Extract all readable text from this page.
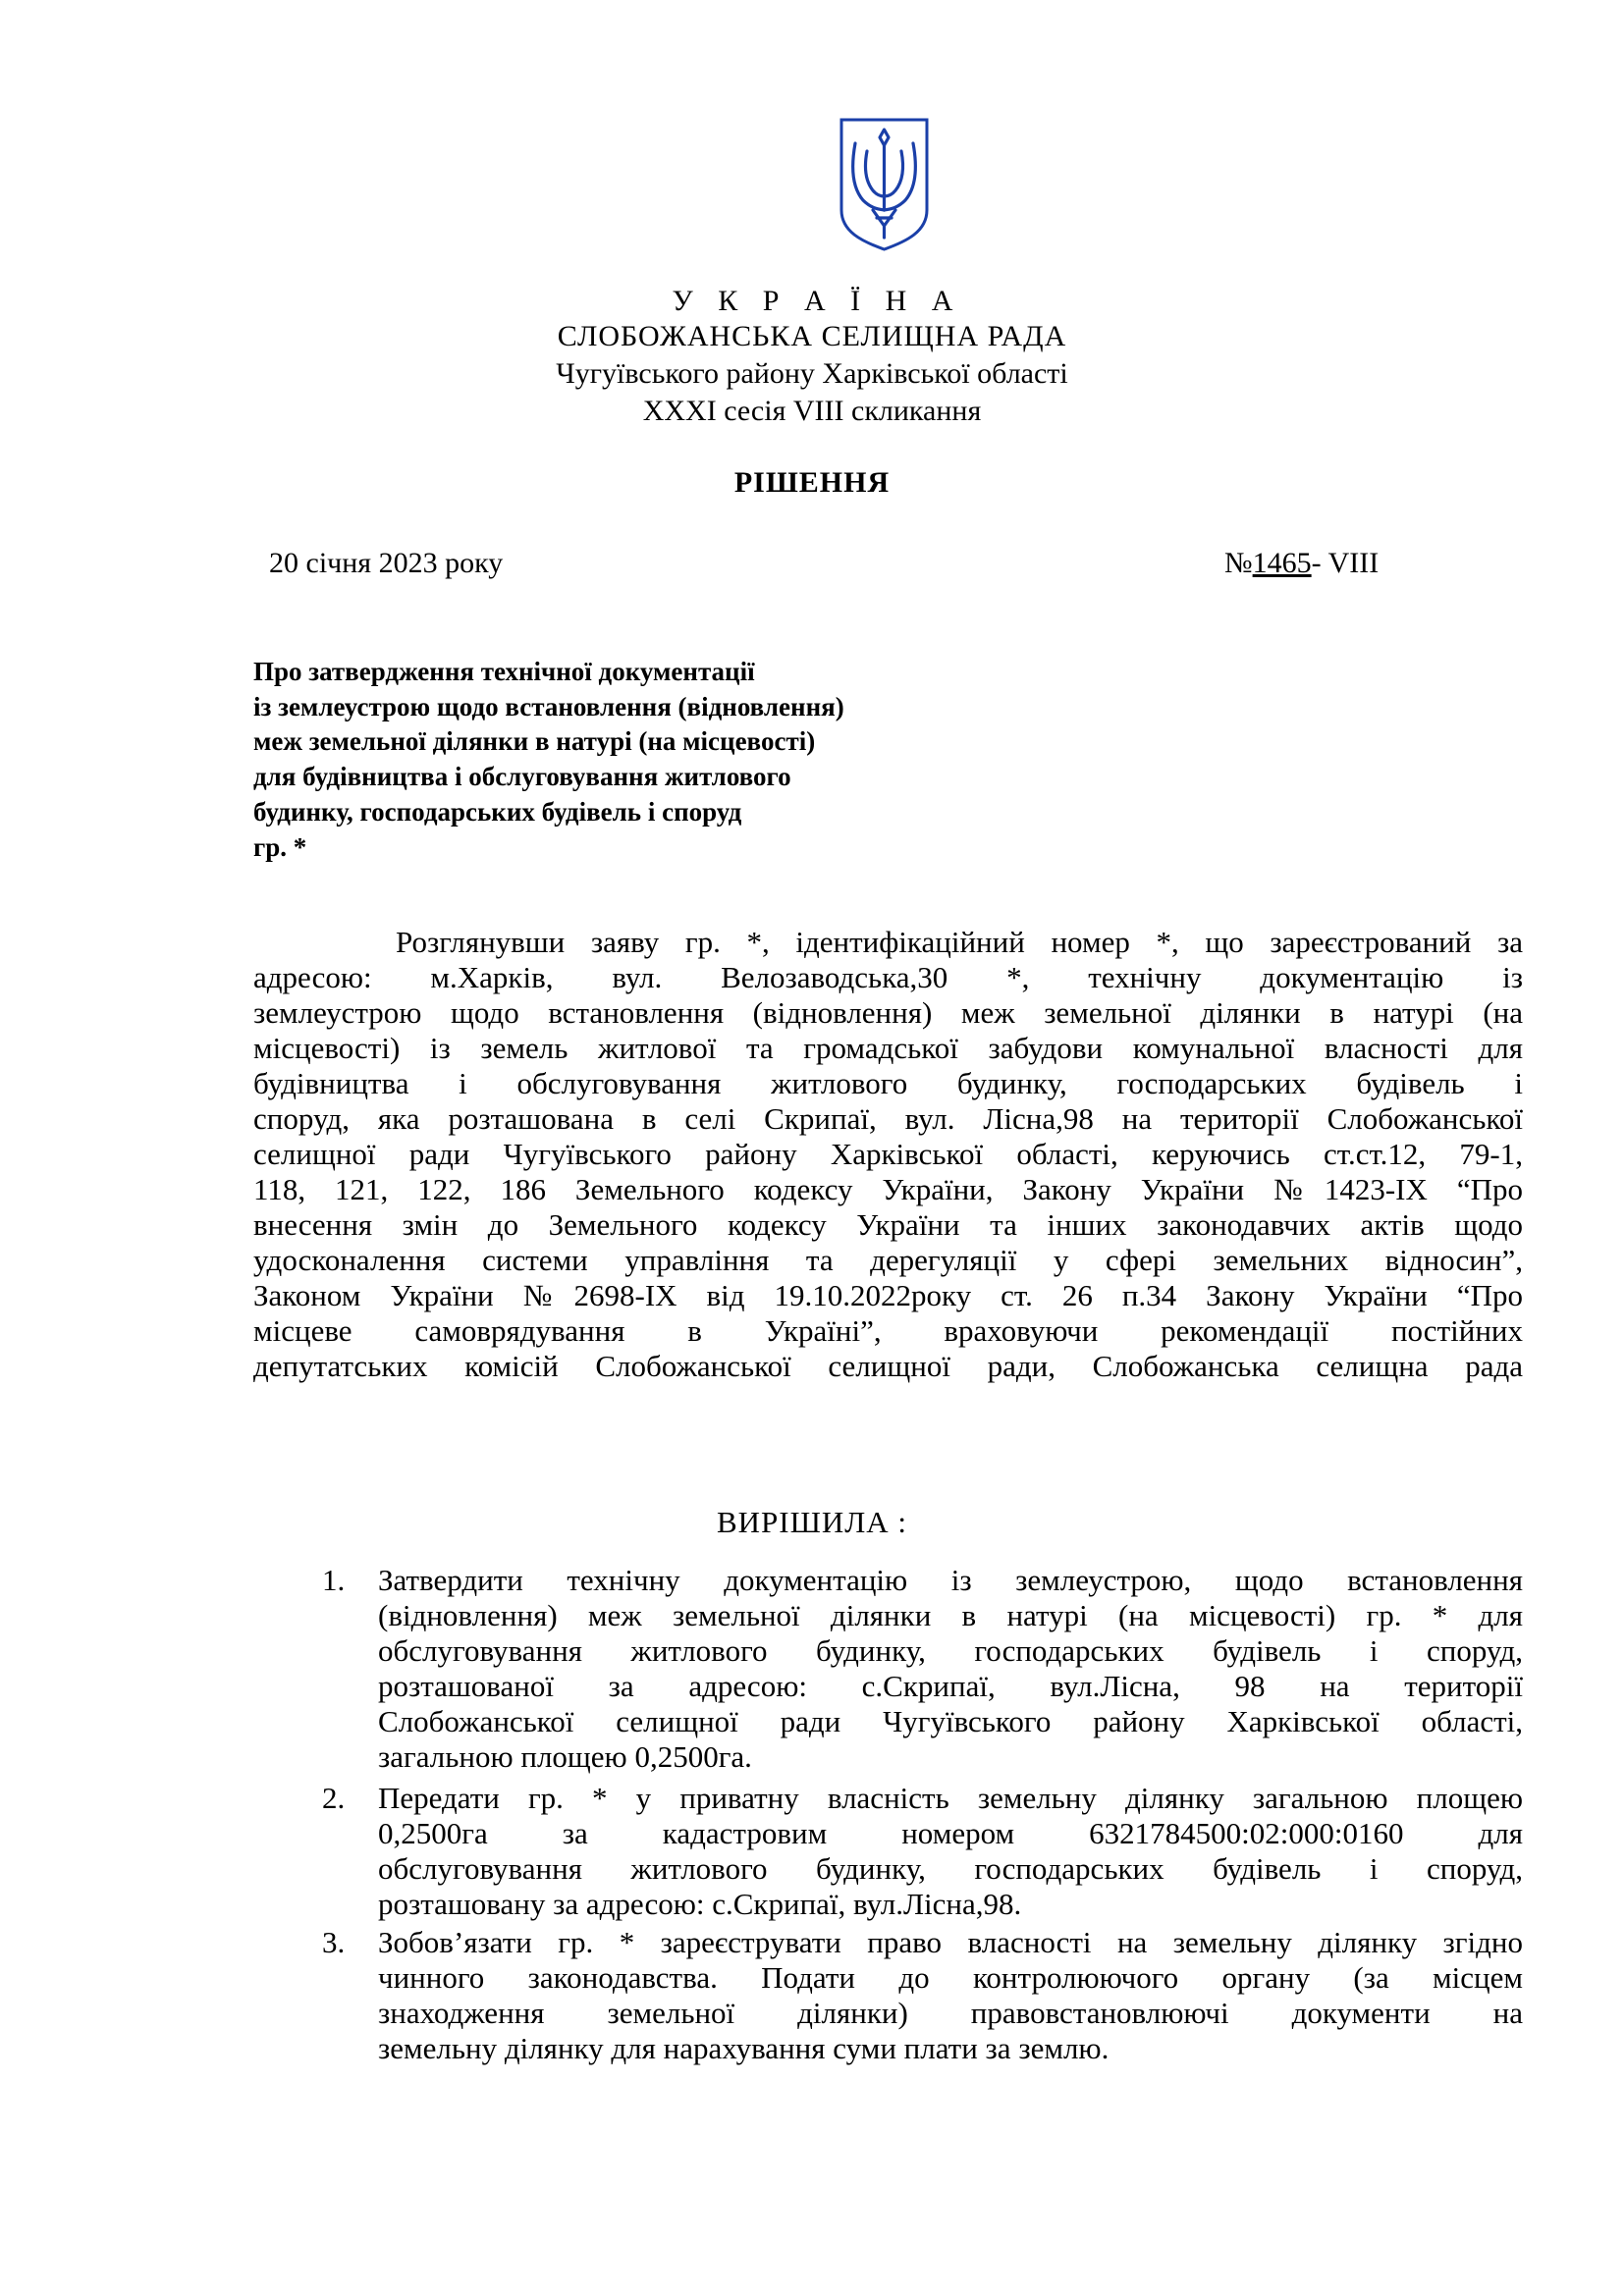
У К Р А Ї Н А
СЛОБОЖАНСЬКА СЕЛИЩНА РАДА
Чугуївського району Харківської області
XXXI сесія VIII скликання
РІШЕННЯ
20 січня 2023 року	№1465- VIII
Про затвердження технічної документації
із землеустрою щодо встановлення (відновлення)
меж земельної ділянки в натурі (на місцевості)
для будівництва і обслуговування житлового
будинку, господарських будівель і споруд
гр. *
Розглянувши заяву гр. *, ідентифікаційний номер *, що зареєстрований за
адресою: м.Харків, вул. Велозаводська,30 *, технічну документацію із
землеустрою щодо встановлення (відновлення) меж земельної ділянки в натурі (на
місцевості) із земель житлової та громадської забудови комунальної власності для
будівництва і обслуговування житлового будинку, господарських будівель і
споруд, яка розташована в селі Скрипаї, вул. Лісна,98 на території Слобожанської
селищної ради Чугуївського району Харківської області, керуючись ст.ст.12, 79-1,
118, 121, 122, 186 Земельного кодексу України, Закону України №1423-IX “Про
внесення змін до Земельного кодексу України та інших законодавчих актів щодо
удосконалення системи управління та дерегуляції у сфері земельних відносин”,
Законом України №2698-IX від 19.10.2022року ст. 26 п.34 Закону України “Про
місцеве самоврядування в Україні”, враховуючи рекомендації постійних
депутатських комісій Слобожанської селищної ради, Слобожанська селищна рада
ВИРІШИЛА :
1. Затвердити технічну документацію із землеустрою, щодо встановлення
(відновлення) меж земельної ділянки в натурі (на місцевості) гр. * для
обслуговування житлового будинку, господарських будівель і споруд,
розташованої за адресою: с.Скрипаї, вул.Лісна, 98 на території
Слобожанської селищної ради Чугуївського району Харківської області,
загальною площею 0,2500га.
2. Передати гр. * у приватну власність земельну ділянку загальною площею
0,2500га за кадастровим номером 6321784500:02:000:0160 для
обслуговування житлового будинку, господарських будівель і споруд,
розташовану за адресою: с.Скрипаї, вул.Лісна,98.
3. Зобов’язати гр. * зареєструвати право власності на земельну ділянку згідно
чинного законодавства. Подати до контролюючого органу (за місцем
знаходження земельної ділянки) правовстановлюючі документи на
земельну ділянку для нарахування суми плати за землю.
